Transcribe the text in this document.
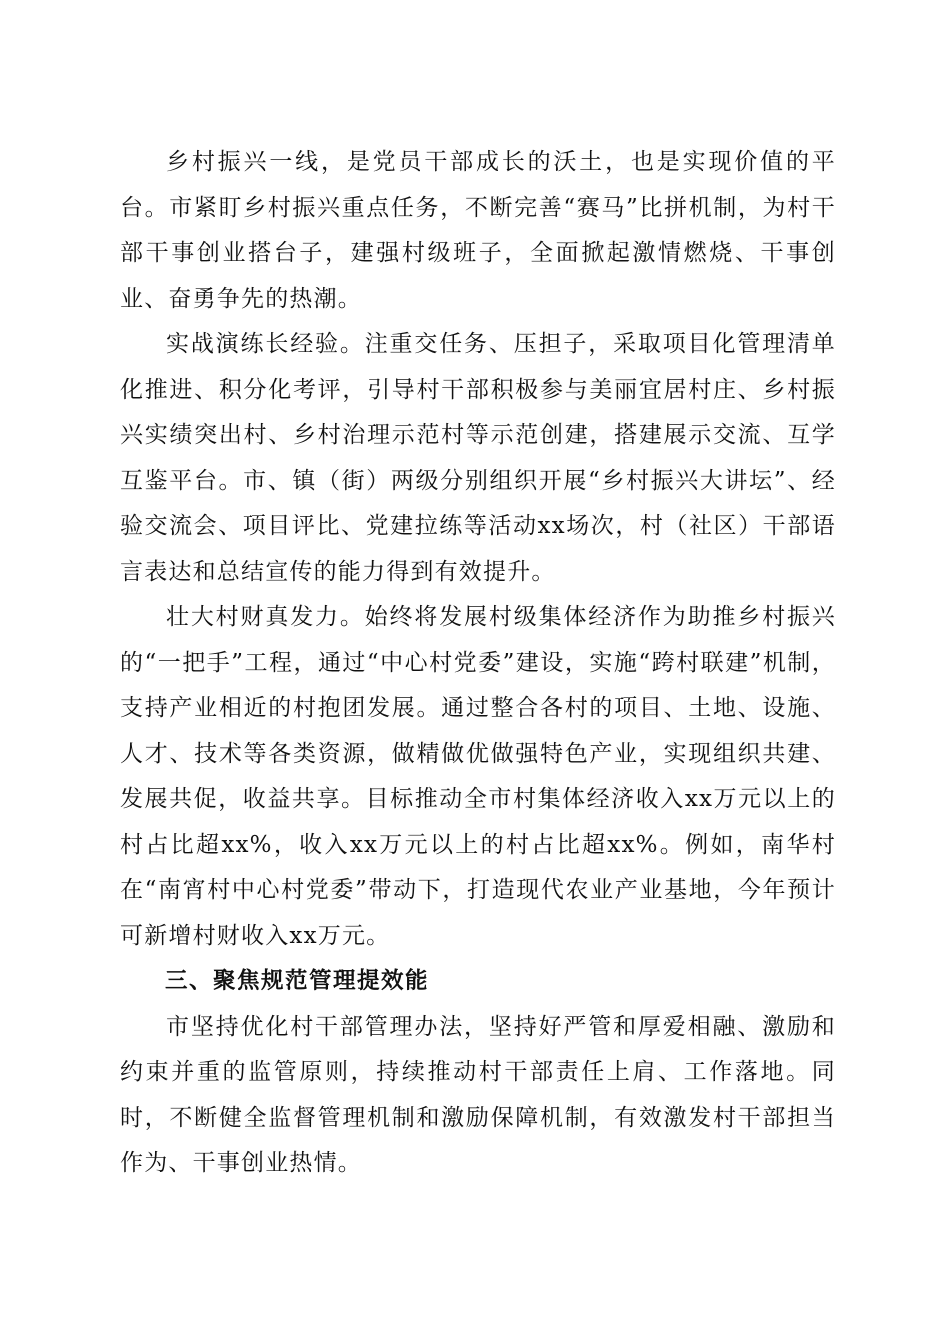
乡村振兴一线，是党员干部成长的沃土，也是实现价值的平台。市紧盯乡村振兴重点任务，不断完善“赛马”比拼机制，为村干部干事创业搭台子，建强村级班子，全面掀起激情燃烧、干事创业、奋勇争先的热潮。

实战演练长经验。注重交任务、压担子，采取项目化管理清单化推进、积分化考评，引导村干部积极参与美丽宜居村庄、乡村振兴实绩突出村、乡村治理示范村等示范创建，搭建展示交流、互学互鉴平台。市、镇（街）两级分别组织开展“乡村振兴大讲坛”、经验交流会、项目评比、党建拉练等活动xx场次，村（社区）干部语言表达和总结宣传的能力得到有效提升。

壮大村财真发力。始终将发展村级集体经济作为助推乡村振兴的“一把手”工程，通过“中心村党委”建设，实施“跨村联建”机制，支持产业相近的村抱团发展。通过整合各村的项目、土地、设施、人才、技术等各类资源，做精做优做强特色产业，实现组织共建、发展共促，收益共享。目标推动全市村集体经济收入xx万元以上的村占比超xx%，收入xx万元以上的村占比超xx%。例如，南华村在“南宵村中心村党委”带动下，打造现代农业产业基地，今年预计可新增村财收入xx万元。

三、聚焦规范管理提效能

市坚持优化村干部管理办法，坚持好严管和厚爱相融、激励和约束并重的监管原则，持续推动村干部责任上肩、工作落地。同时，不断健全监督管理机制和激励保障机制，有效激发村干部担当作为、干事创业热情。
